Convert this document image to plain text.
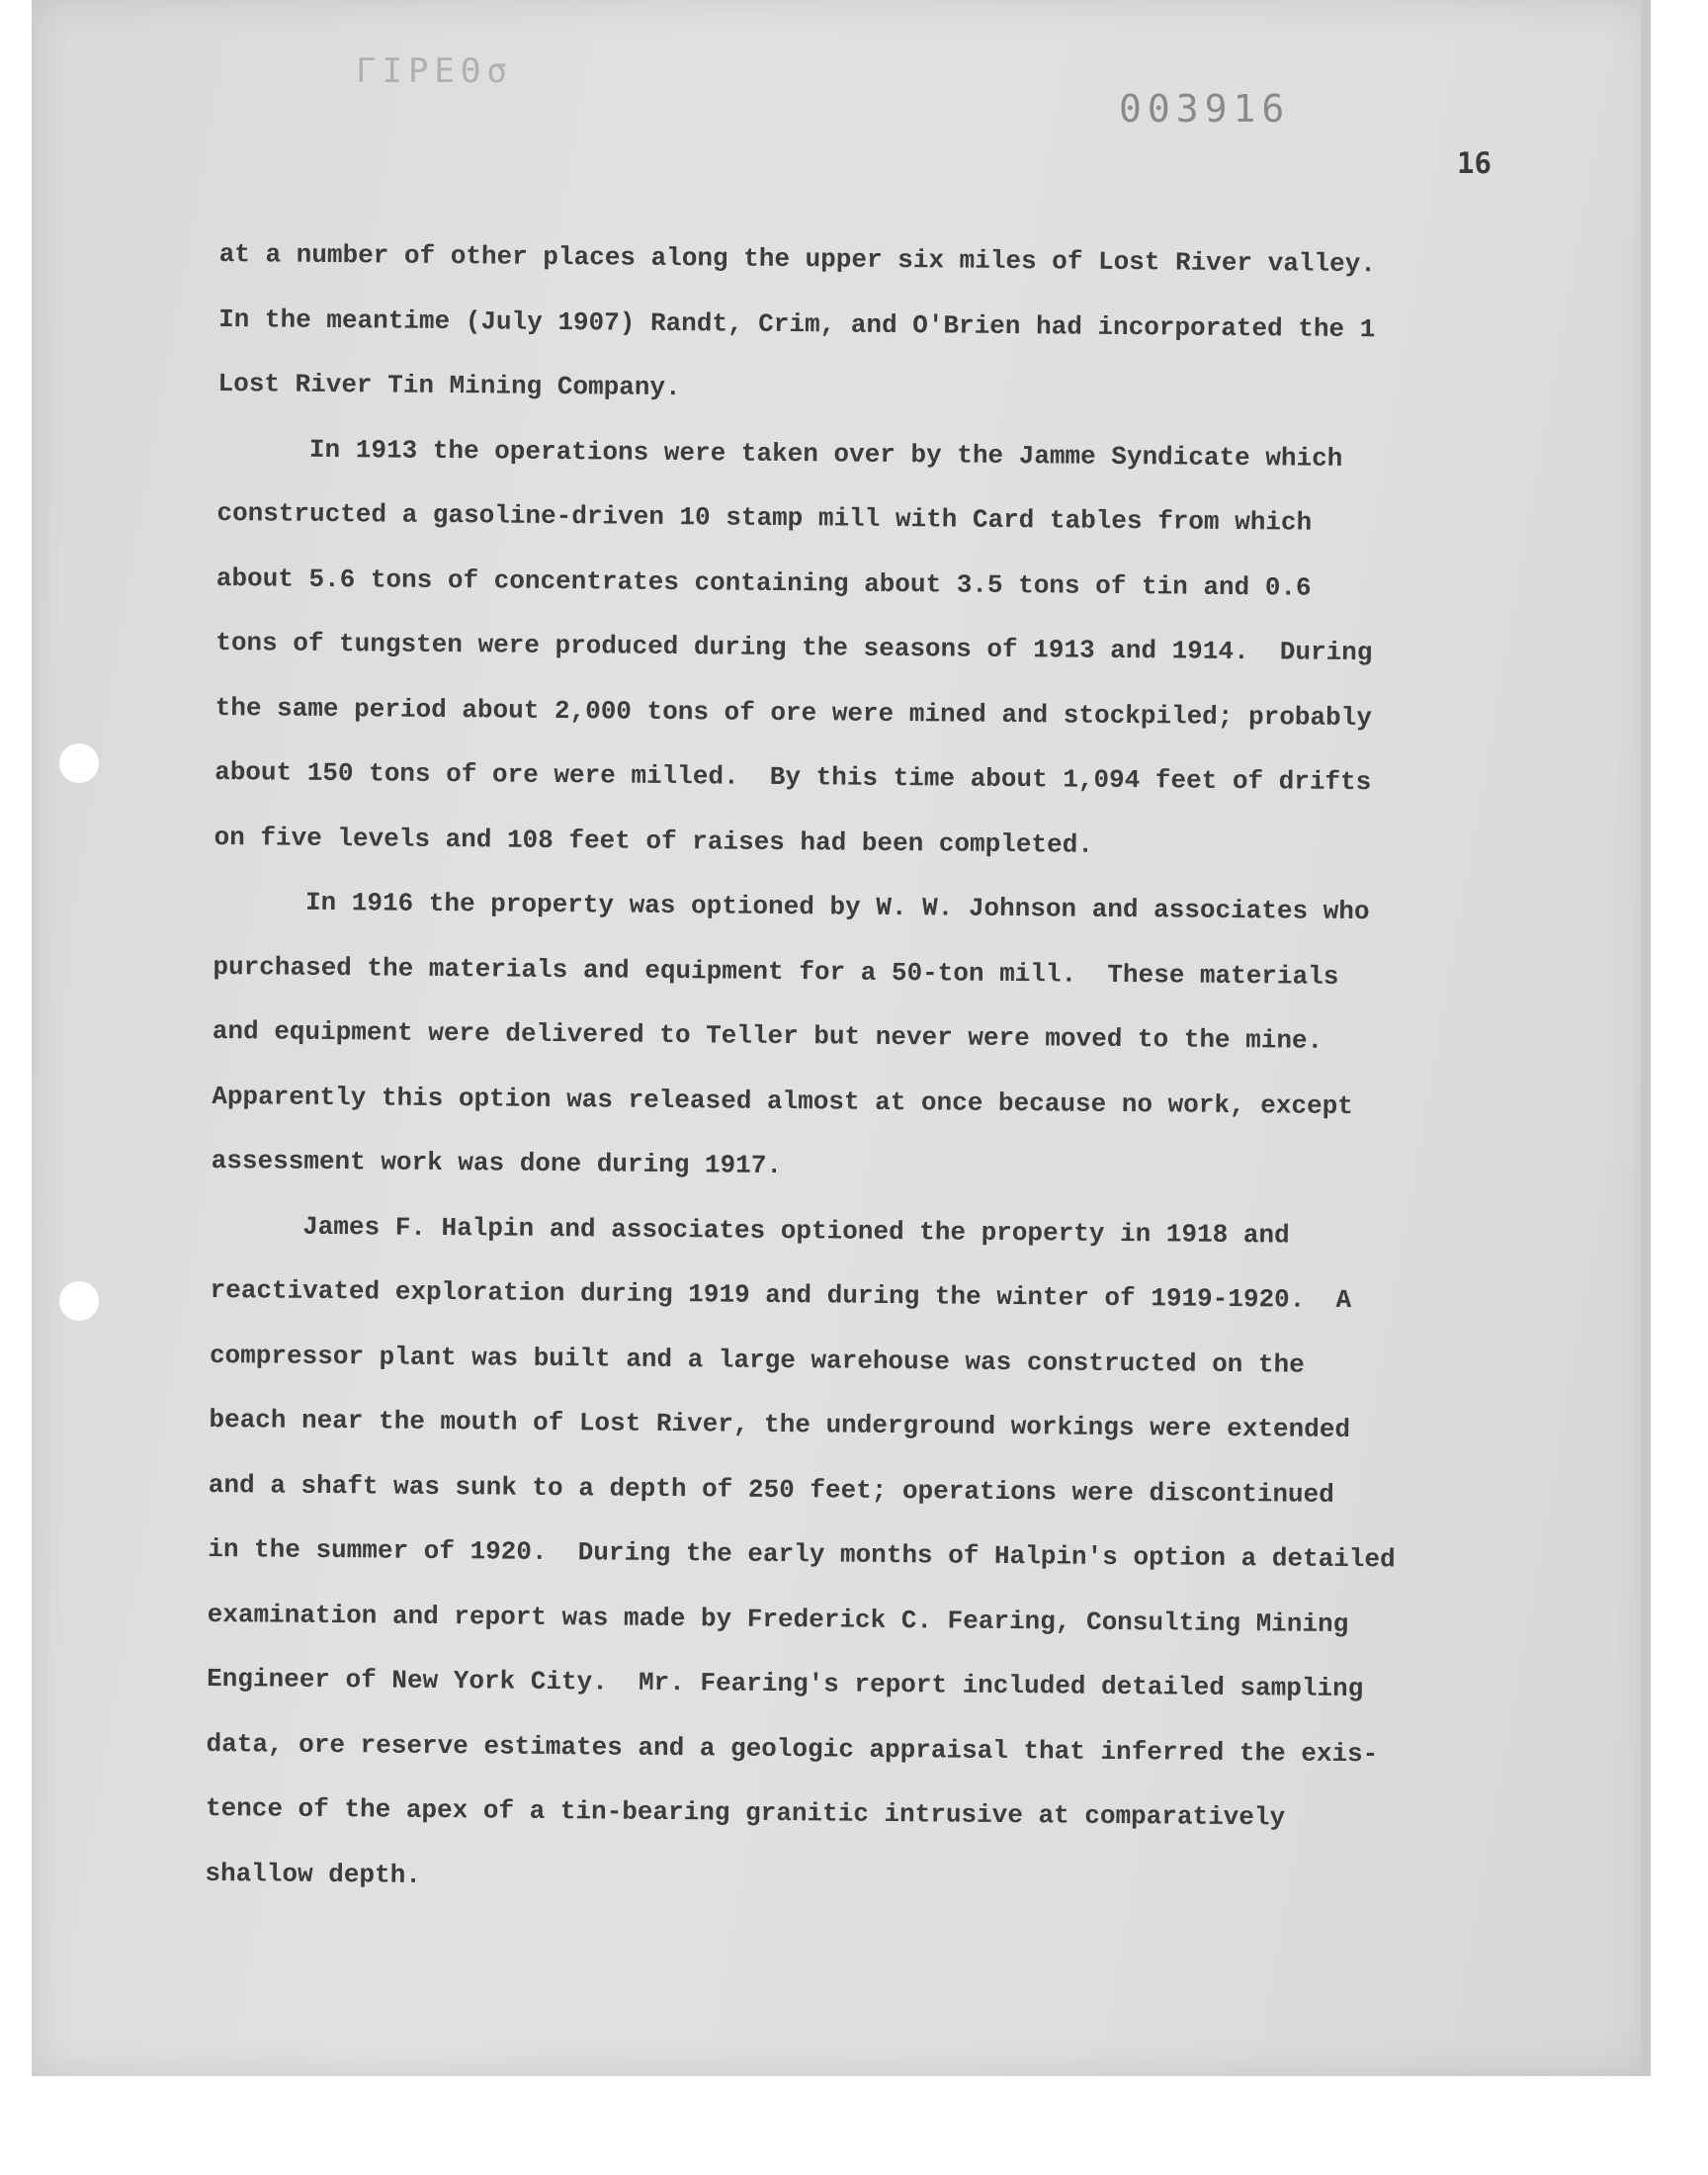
ΓΙΡΕΘσ
003916
16
at a number of other places along the upper six miles of Lost River valley.
In the meantime (July 1907) Randt, Crim, and O'Brien had incorporated the 1
Lost River Tin Mining Company.
In 1913 the operations were taken over by the Jamme Syndicate which
constructed a gasoline-driven 10 stamp mill with Card tables from which
about 5.6 tons of concentrates containing about 3.5 tons of tin and 0.6
tons of tungsten were produced during the seasons of 1913 and 1914.  During
the same period about 2,000 tons of ore were mined and stockpiled; probably
about 150 tons of ore were milled.  By this time about 1,094 feet of drifts
on five levels and 108 feet of raises had been completed.
In 1916 the property was optioned by W. W. Johnson and associates who
purchased the materials and equipment for a 50-ton mill.  These materials
and equipment were delivered to Teller but never were moved to the mine.
Apparently this option was released almost at once because no work, except
assessment work was done during 1917.
James F. Halpin and associates optioned the property in 1918 and
reactivated exploration during 1919 and during the winter of 1919-1920.  A
compressor plant was built and a large warehouse was constructed on the
beach near the mouth of Lost River, the underground workings were extended
and a shaft was sunk to a depth of 250 feet; operations were discontinued
in the summer of 1920.  During the early months of Halpin's option a detailed
examination and report was made by Frederick C. Fearing, Consulting Mining
Engineer of New York City.  Mr. Fearing's report included detailed sampling
data, ore reserve estimates and a geologic appraisal that inferred the exis-
tence of the apex of a tin-bearing granitic intrusive at comparatively
shallow depth.
